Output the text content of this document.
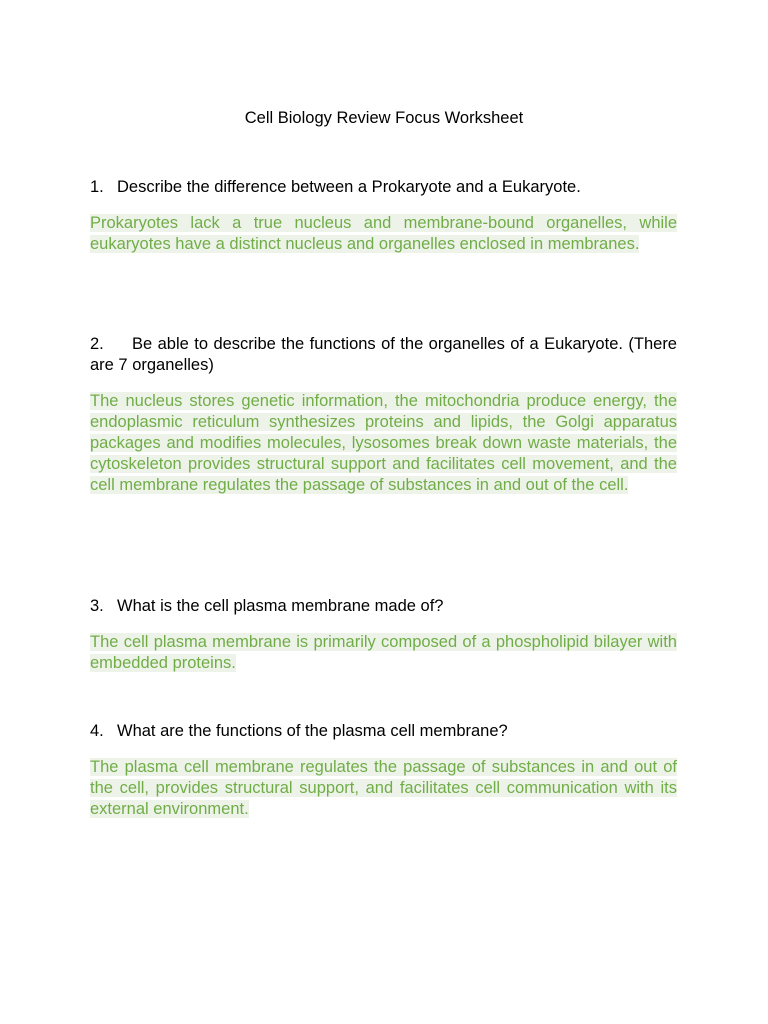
Cell Biology Review Focus Worksheet
1. Describe the difference between a Prokaryote and a Eukaryote.
Prokaryotes lack a true nucleus and membrane-bound organelles, while eukaryotes have a distinct nucleus and organelles enclosed in membranes.
2. Be able to describe the functions of the organelles of a Eukaryote. (There are 7 organelles)
The nucleus stores genetic information, the mitochondria produce energy, the endoplasmic reticulum synthesizes proteins and lipids, the Golgi apparatus packages and modifies molecules, lysosomes break down waste materials, the cytoskeleton provides structural support and facilitates cell movement, and the cell membrane regulates the passage of substances in and out of the cell.
3. What is the cell plasma membrane made of?
The cell plasma membrane is primarily composed of a phospholipid bilayer with embedded proteins.
4. What are the functions of the plasma cell membrane?
The plasma cell membrane regulates the passage of substances in and out of the cell, provides structural support, and facilitates cell communication with its external environment.
